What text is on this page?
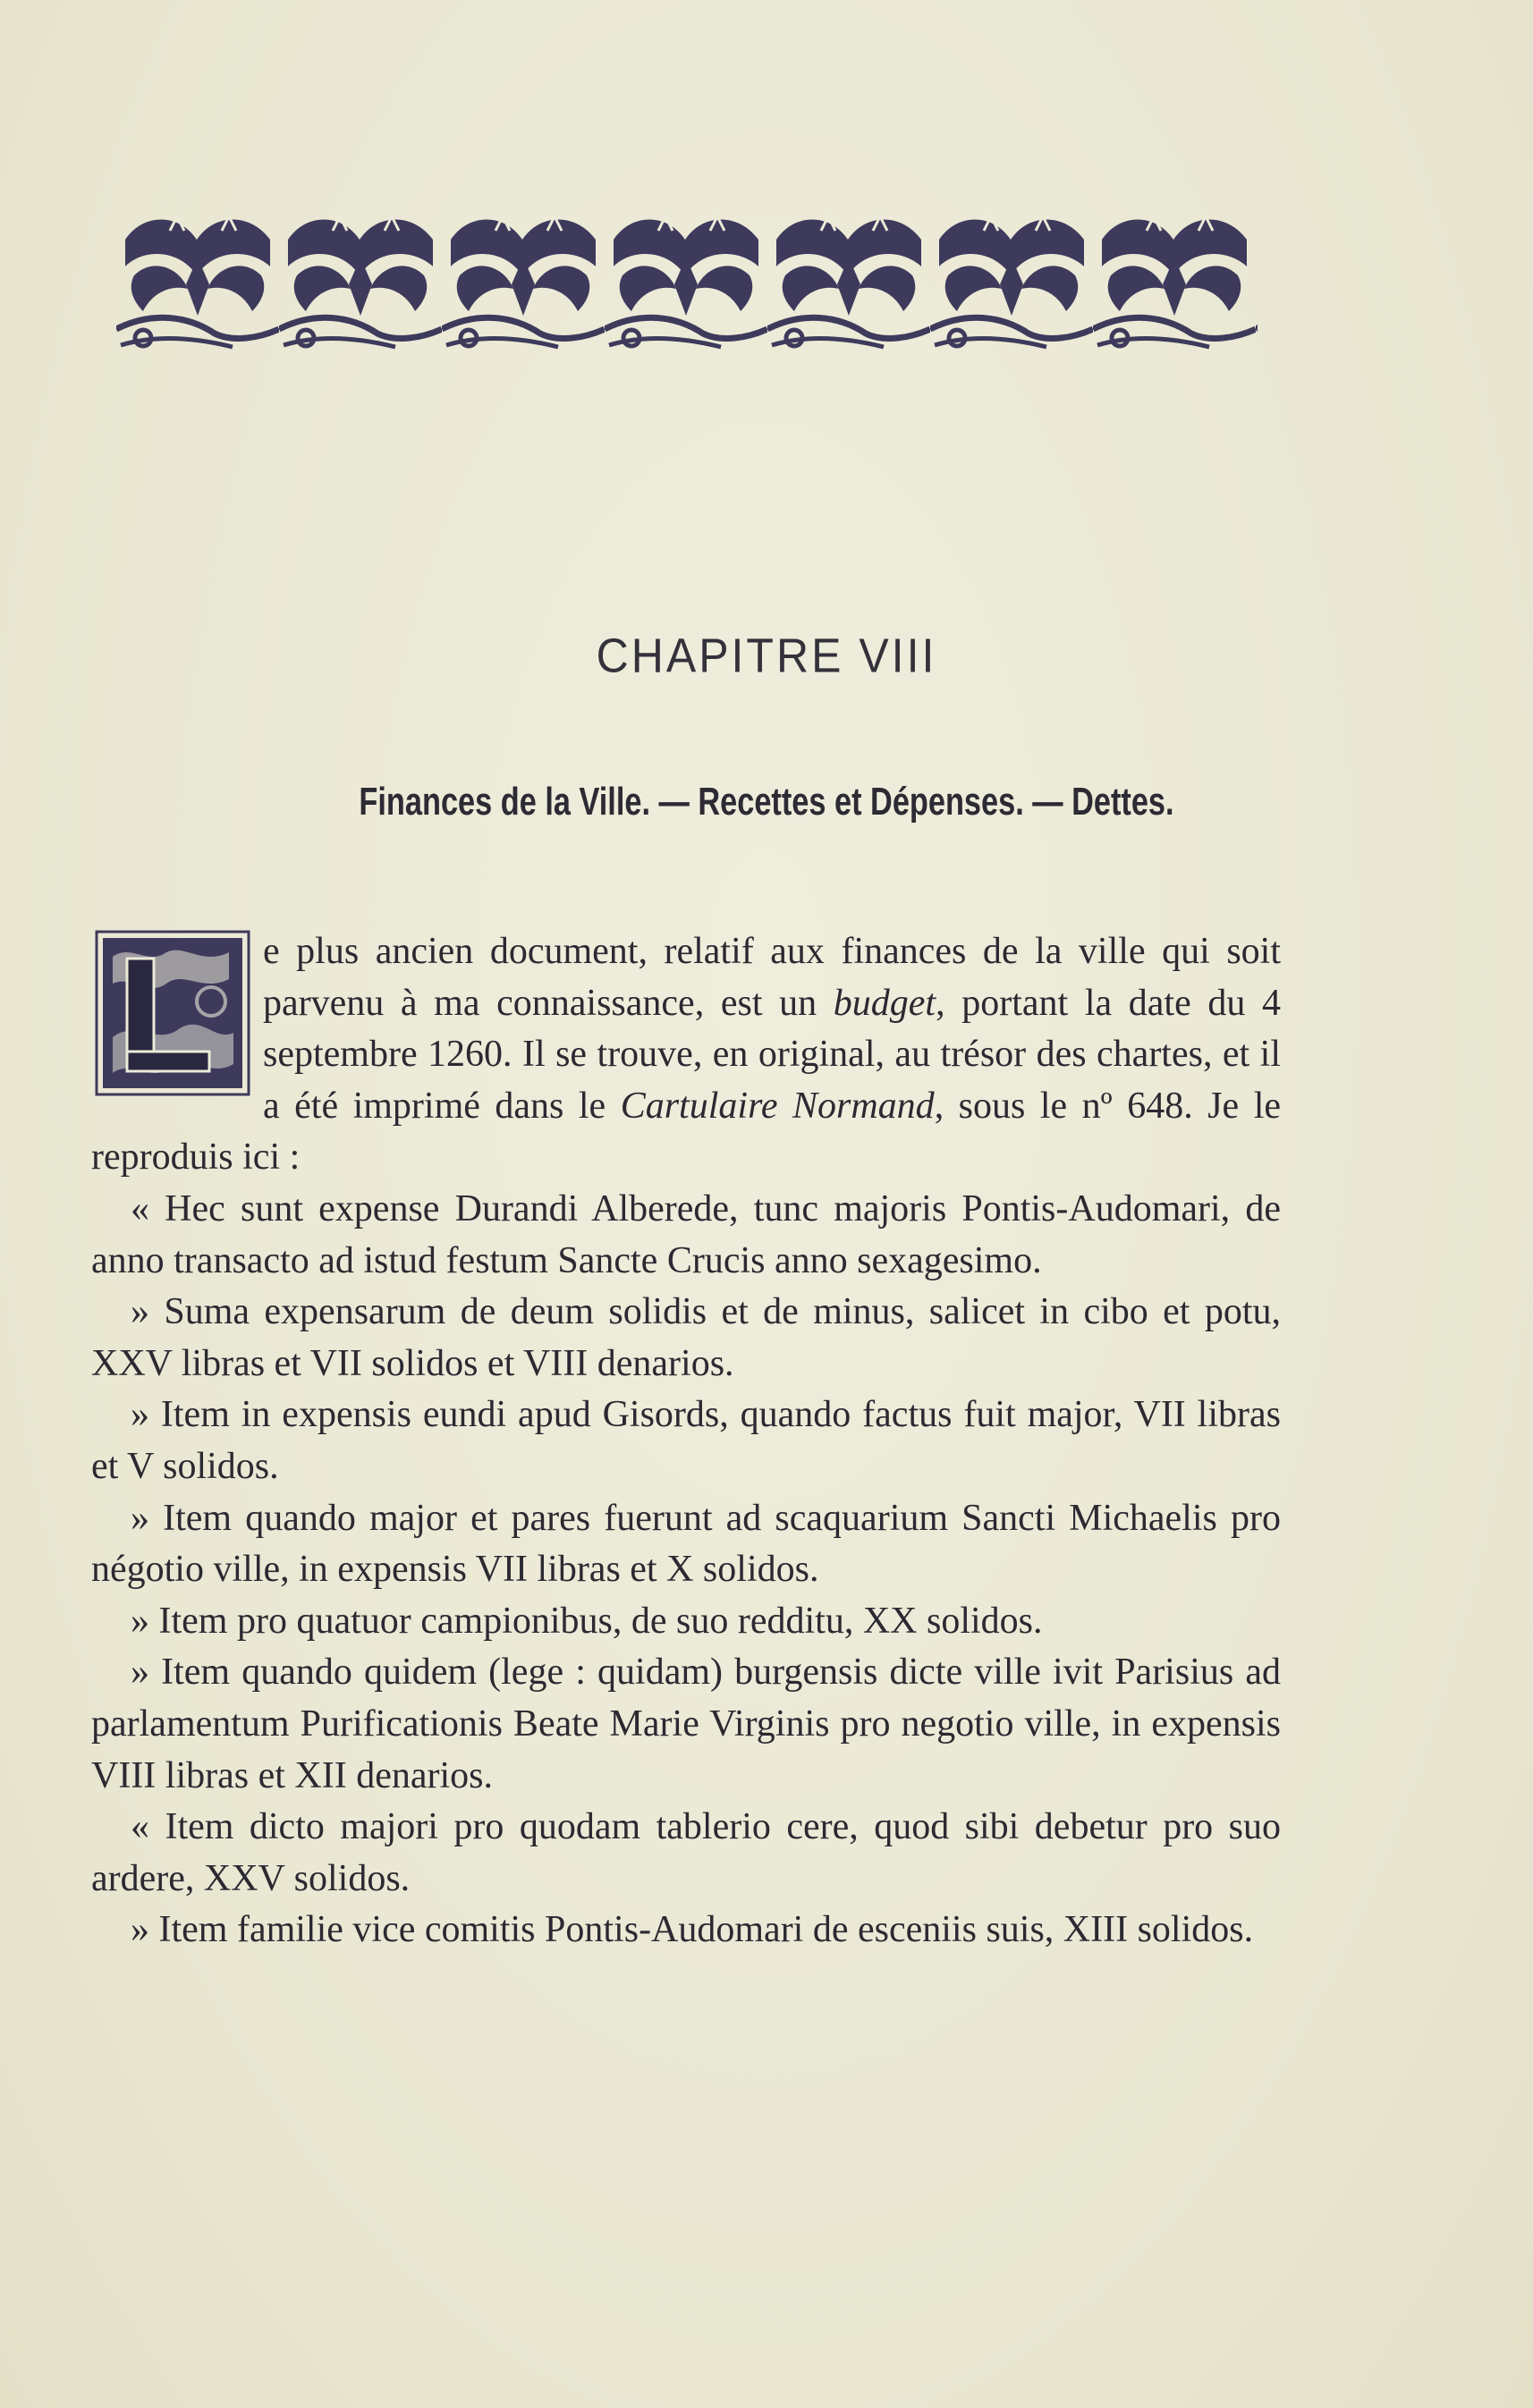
CHAPITRE VIII
Finances de la Ville. — Recettes et Dépenses. — Dettes.

e plus ancien document, relatif aux finances de la ville qui soit parvenu à ma connaissance, est un budget, portant la date du 4 septembre 1260. Il se trouve, en original, au trésor des chartes, et il a été imprimé dans le Cartulaire Normand, sous le nº 648. Je le reproduis ici :

« Hec sunt expense Durandi Alberede, tunc majoris Pontis-Audomari, de anno transacto ad istud festum Sancte Crucis anno sexagesimo.

» Suma expensarum de deum solidis et de minus, salicet in cibo et potu, XXV libras et VII solidos et VIII denarios.

» Item in expensis eundi apud Gisords, quando factus fuit major, VII libras et V solidos.

» Item quando major et pares fuerunt ad scaquarium Sancti Michaelis pro négotio ville, in expensis VII libras et X solidos.

» Item pro quatuor campionibus, de suo redditu, XX solidos.

» Item quando quidem (lege : quidam) burgensis dicte ville ivit Parisius ad parlamentum Purificationis Beate Marie Virginis pro negotio ville, in expensis VIII libras et XII denarios.

« Item dicto majori pro quodam tablerio cere, quod sibi debetur pro suo ardere, XXV solidos.

» Item familie vice comitis Pontis-Audomari de esceniis suis, XIII solidos.
